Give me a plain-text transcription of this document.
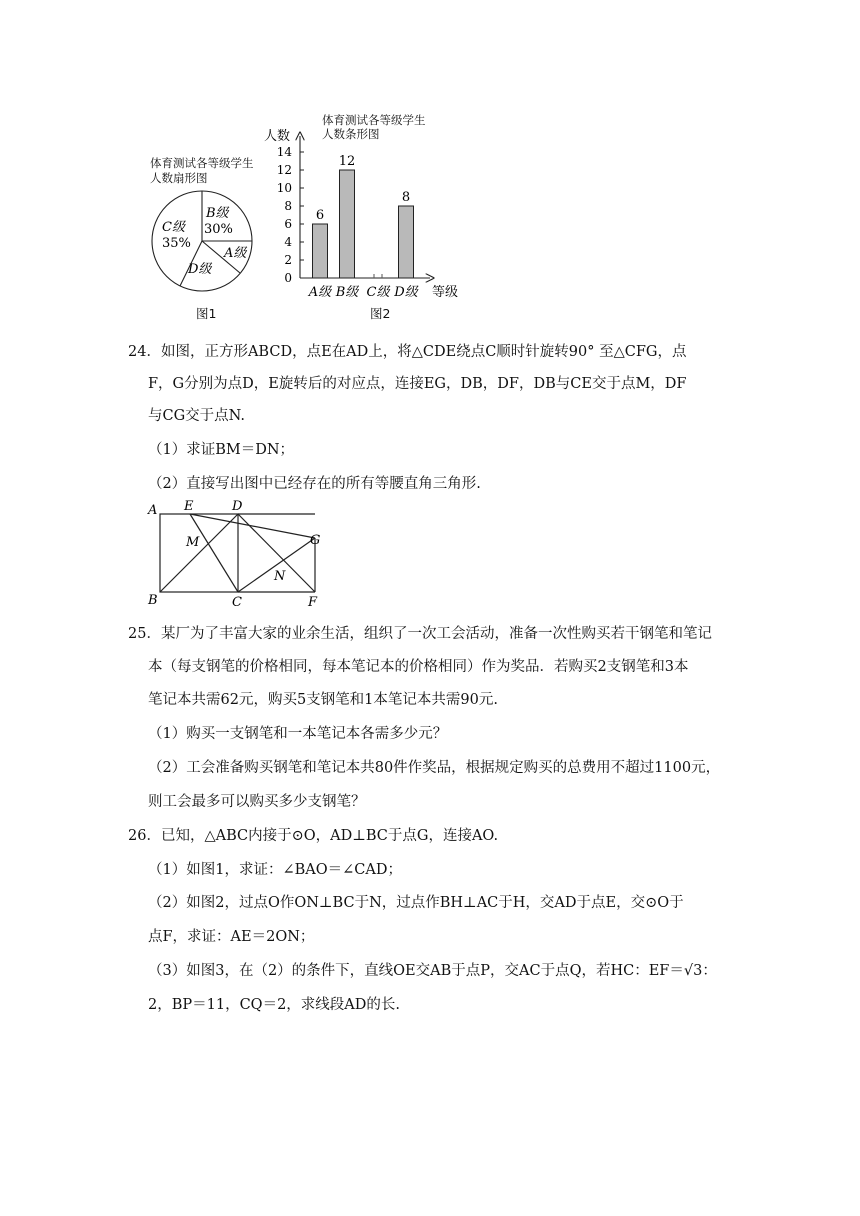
体育测试各等级学生
人数扇形图
B级
30%
C级
35%
A级
D级
图1
体育测试各等级学生
人数条形图
人数
0
2
4
6
8
10
12
14
6
12
8
A级 B级 C级 D级 等级
图2
24．如图，正方形ABCD，点E在AD上，将△CDE绕点C顺时针旋转90° 至△CFG，点
F，G分别为点D，E旋转后的对应点，连接EG，DB，DF，DB与CE交于点M，DF
与CG交于点N.
（1）求证BM＝DN；
（2）直接写出图中已经存在的所有等腰直角三角形.
A E	D
M	G
N
B	C	F
25．某厂为了丰富大家的业余生活，组织了一次工会活动，准备一次性购买若干钢笔和笔记
本（每支钢笔的价格相同，每本笔记本的价格相同）作为奖品．若购买2支钢笔和3本
笔记本共需62元，购买5支钢笔和1本笔记本共需90元.
（1）购买一支钢笔和一本笔记本各需多少元？
（2）工会准备购买钢笔和笔记本共80件作奖品，根据规定购买的总费用不超过1100元，
则工会最多可以购买多少支钢笔？
26．已知，△ABC内接于⊙O，AD⊥BC于点G，连接AO.
（1）如图1，求证：∠BAO＝∠CAD；
（2）如图2，过点O作ON⊥BC于N，过点作BH⊥AC于H，交AD于点E，交⊙O于
点F，求证：AE＝2ON；
（3）如图3，在（2）的条件下，直线OE交AB于点P，交AC于点Q，若HC：EF＝√3：
2，BP＝11，CQ＝2，求线段AD的长.
